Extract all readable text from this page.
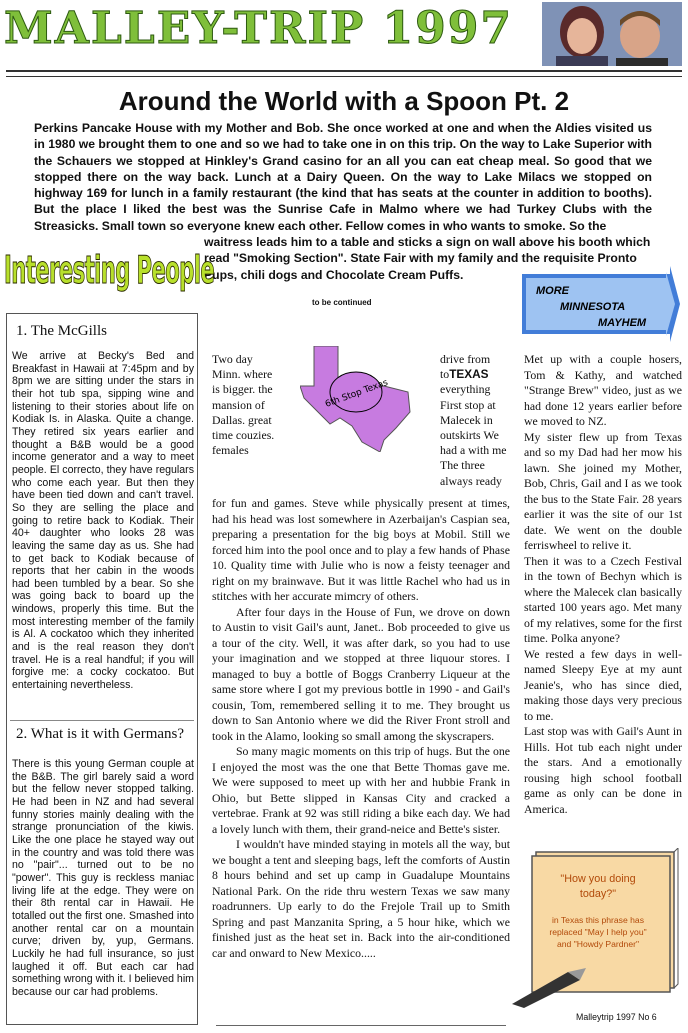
MALLEY-TRIP 1997
Around the World with a Spoon Pt. 2

Perkins Pancake House with my Mother and Bob. She once worked at one and when the Aldies visited us in 1980 we brought them to one and so we had to take one in on this trip. On the way to Lake Superior with the Schauers we stopped at Hinkley's Grand casino for an all you can eat cheap meal. So good that we stopped there on the way back. Lunch at a Dairy Queen. On the way to Lake Milacs we stopped on highway 169 for lunch in a family restaurant (the kind that has seats at the counter in addition to booths). But the place I liked the best was the Sunrise Cafe in Malmo where we had Turkey Clubs with the Streasicks. Small town so everyone knew each other. Fellow comes in who wants to smoke. So the

waitress leads him to a table and sticks a sign on wall above his booth which read "Smoking Section". State Fair with my family and the requisite Pronto Pups, chili dogs and Chocolate Cream Puffs.

to be continued
Interesting People	MORE
MINNESOTA
MAYHEM
1. The McGills

We arrive at Becky's Bed and Breakfast in Hawaii at 7:45pm and by 8pm we are sitting under the stars in their hot tub spa, sipping wine and listening to their stories about life on Kodiak Is. in Alaska. Quite a change. They retired six years earlier and thought a B&B would be a good income generator and a way to meet people. El correcto, they have regulars who come each year. But then they have been tied down and can't travel. So they are selling the place and going to retire back to Kodiak. Their 40+ daughter who looks 28 was leaving the same day as us. She had to get back to Kodiak because of reports that her cabin in the woods had been tumbled by a bear. So she was going back to board up the windows, properly this time. But the most interesting member of the family is Al. A cockatoo which they inherited and is the real reason they don't travel. He is a real handful; if you will forgive me: a cocky cockatoo. But entertaining nevertheless.

2. What is it with Germans?

There is this young German couple at the B&B. The girl barely said a word but the fellow never stopped talking. He had been in NZ and had several funny stories mainly dealing with the strange pronunciation of the kiwis. Like the one place he stayed way out in the country and was told there was no "pair"... turned out to be no "power". This guy is reckless maniac living life at the edge. They were on their 8th rental car in Hawaii. He totalled out the first one. Smashed into another rental car on a mountain curve; driven by, yup, Germans. Luckily he had full insurance, so just laughed it off. But each car had something wrong with it. I believed him because our car had problems.

Two day Minn. where is bigger. the mansion of Dallas. great time couzies. females
drive from toTEXAS everything First stop at Malecek in outskirts We had a with me The three always ready
6th Stop Texas

for fun and games. Steve while physically present at times, had his head was lost somewhere in Azerbaijan's Caspian sea, preparing a presentation for the big boys at Mobil. Still we forced him into the pool once and to play a few hands of Phase 10. Quality time with Julie who is now a feisty teenager and right on my brainwave. But it was little Rachel who had us in stitches with her accurate mimcry of others.

After four days in the House of Fun, we drove on down to Austin to visit Gail's aunt, Janet.. Bob proceeded to give us a tour of the city. Well, it was after dark, so you had to use your imagination and we stopped at three liquour stores. I managed to buy a bottle of Boggs Cranberry Liqueur at the same store where I got my previous bottle in 1990 - and Gail's cousin, Tom, remembered selling it to me. They brought us down to San Antonio where we did the River Front stroll and took in the Alamo, looking so small among the skyscrapers.

So many magic moments on this trip of hugs. But the one I enjoyed the most was the one that Bette Thomas gave me. We were supposed to meet up with her and hubbie Frank in Ohio, but Bette slipped in Kansas City and cracked a vertebrae. Frank at 92 was still riding a bike each day. We had a lovely lunch with them, their grand-neice and Bette's sister.

I wouldn't have minded staying in motels all the way, but we bought a tent and sleeping bags, left the comforts of Austin 8 hours behind and set up camp in Guadalupe Mountains National Park. On the ride thru western Texas we saw many roadrunners. Up early to do the Frejole Trail up to Smith Spring and past Manzanita Spring, a 5 hour hike, which we finished just as the heat set in. Back into the air-conditioned car and onward to New Mexico.....

Met up with a couple hosers, Tom & Kathy, and watched "Strange Brew" video, just as we had done 12 years earlier before we moved to NZ.

My sister flew up from Texas and so my Dad had her mow his lawn. She joined my Mother, Bob, Chris, Gail and I as we took the bus to the State Fair. 28 years earlier it was the site of our 1st date. We went on the double ferriswheel to relive it.

Then it was to a Czech Festival in the town of Bechyn which is where the Malecek clan basically started 100 years ago. Met many of my relatives, some for the first time. Polka anyone?

We rested a few days in well-named Sleepy Eye at my aunt Jeanie's, who has since died, making those days very precious to me.

Last stop was with Gail's Aunt in Hills. Hot tub each night under the stars. And a emotionally rousing high school football game as only can be done in America.

"How you doing today?"
in Texas this phrase has replaced "May I help you" and "Howdy Pardner"
Malleytrip 1997 No 6
